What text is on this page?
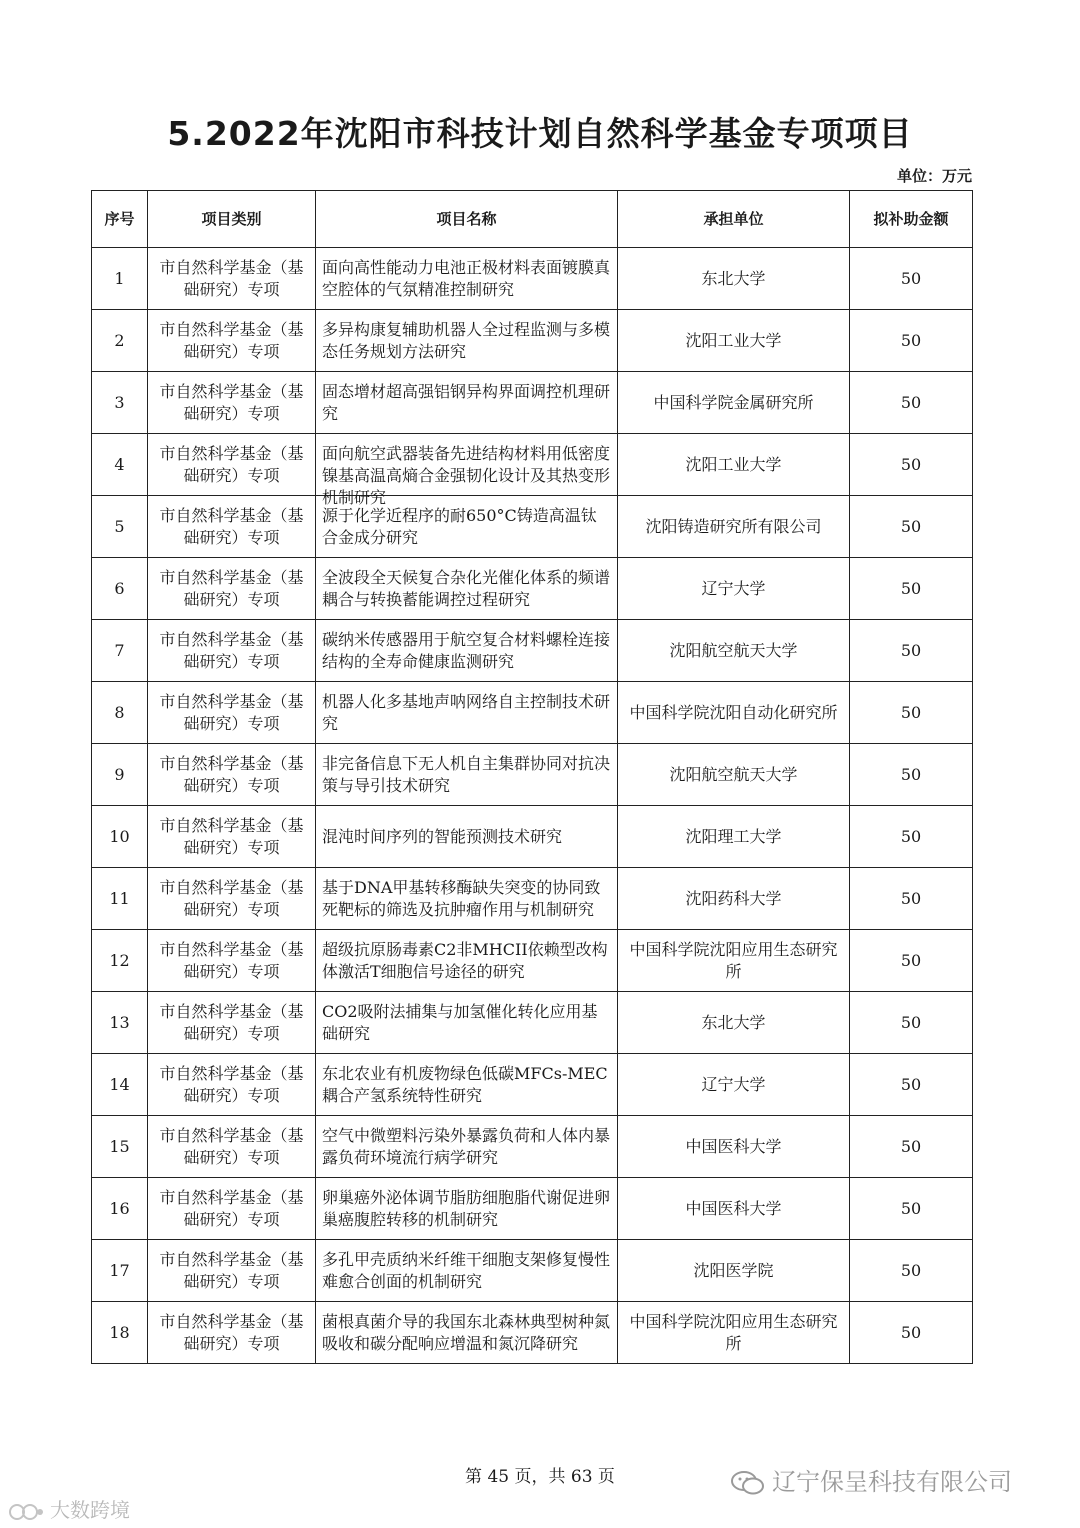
5.2022年沈阳市科技计划自然科学基金专项项目
单位：万元
序号	项目类别	项目名称	承担单位	拟补助金额
1	市自然科学基金（基础研究）专项	面向高性能动力电池正极材料表面镀膜真空腔体的气氛精准控制研究	东北大学	50
2	市自然科学基金（基础研究）专项	多异构康复辅助机器人全过程监测与多模态任务规划方法研究	沈阳工业大学	50
3	市自然科学基金（基础研究）专项	固态增材超高强铝钢异构界面调控机理研究	中国科学院金属研究所	50
4	市自然科学基金（基础研究）专项	面向航空武器装备先进结构材料用低密度镍基高温高熵合金强韧化设计及其热变形机制研究	沈阳工业大学	50
5	市自然科学基金（基础研究）专项	源于化学近程序的耐650°C铸造高温钛合金成分研究	沈阳铸造研究所有限公司	50
6	市自然科学基金（基础研究）专项	全波段全天候复合杂化光催化体系的频谱耦合与转换蓄能调控过程研究	辽宁大学	50
7	市自然科学基金（基础研究）专项	碳纳米传感器用于航空复合材料螺栓连接结构的全寿命健康监测研究	沈阳航空航天大学	50
8	市自然科学基金（基础研究）专项	机器人化多基地声呐网络自主控制技术研究	中国科学院沈阳自动化研究所	50
9	市自然科学基金（基础研究）专项	非完备信息下无人机自主集群协同对抗决策与导引技术研究	沈阳航空航天大学	50
10	市自然科学基金（基础研究）专项	混沌时间序列的智能预测技术研究	沈阳理工大学	50
11	市自然科学基金（基础研究）专项	基于DNA甲基转移酶缺失突变的协同致死靶标的筛选及抗肿瘤作用与机制研究	沈阳药科大学	50
12	市自然科学基金（基础研究）专项	超级抗原肠毒素C2非MHCII依赖型改构体激活T细胞信号途径的研究	中国科学院沈阳应用生态研究所	50
13	市自然科学基金（基础研究）专项	CO2吸附法捕集与加氢催化转化应用基础研究	东北大学	50
14	市自然科学基金（基础研究）专项	东北农业有机废物绿色低碳MFCs-MEC耦合产氢系统特性研究	辽宁大学	50
15	市自然科学基金（基础研究）专项	空气中微塑料污染外暴露负荷和人体内暴露负荷环境流行病学研究	中国医科大学	50
16	市自然科学基金（基础研究）专项	卵巢癌外泌体调节脂肪细胞脂代谢促进卵巢癌腹腔转移的机制研究	中国医科大学	50
17	市自然科学基金（基础研究）专项	多孔甲壳质纳米纤维干细胞支架修复慢性难愈合创面的机制研究	沈阳医学院	50
18	市自然科学基金（基础研究）专项	菌根真菌介导的我国东北森林典型树种氮吸收和碳分配响应增温和氮沉降研究	中国科学院沈阳应用生态研究所	50
第 45 页，共 63 页	辽宁保呈科技有限公司
大数跨境
